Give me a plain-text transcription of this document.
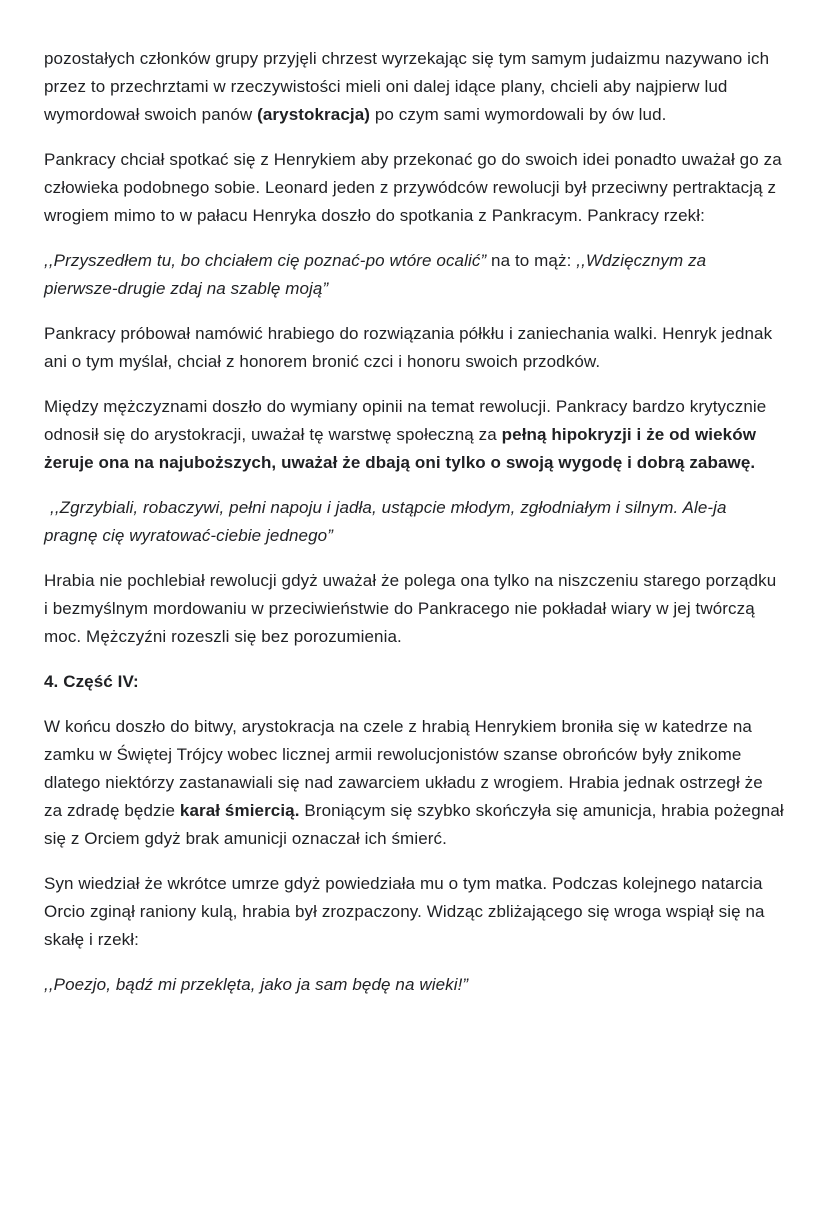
pozostałych członków grupy przyjęli chrzest wyrzekając się tym samym judaizmu nazywano ich przez to przechrztami w rzeczywistości mieli oni dalej idące plany, chcieli aby najpierw lud wymordował swoich panów (arystokracja) po czym sami wymordowali by ów lud.

Pankracy chciał spotkać się z Henrykiem aby przekonać go do swoich idei ponadto uważał go za człowieka podobnego sobie. Leonard jeden z przywódców rewolucji był przeciwny pertraktacją z wrogiem mimo to w pałacu Henryka doszło do spotkania z Pankracym. Pankracy rzekł:

,,Przyszedłem tu, bo chciałem cię poznać-po wtóre ocalić” na to mąż: ,,Wdzięcznym za pierwsze-drugie zdaj na szablę moją”

Pankracy próbował namówić hrabiego do rozwiązania półkłu i zaniechania walki. Henryk jednak ani o tym myślał, chciał z honorem bronić czci i honoru swoich przodków.

Między mężczyznami doszło do wymiany opinii na temat rewolucji. Pankracy bardzo krytycznie odnosił się do arystokracji, uważał tę warstwę społeczną za pełną hipokryzji i że od wieków żeruje ona na najuboższych, uważał że dbają oni tylko o swoją wygodę i dobrą zabawę.

,,Zgrzybiali, robaczywi, pełni napoju i jadła, ustąpcie młodym, zgłodniałym i silnym. Ale-ja pragnę cię wyratować-ciebie jednego”

Hrabia nie pochlebiał rewolucji gdyż uważał że polega ona tylko na niszczeniu starego porządku i bezmyślnym mordowaniu w przeciwieństwie do Pankracego nie pokładał wiary w jej twórczą moc. Mężczyźni rozeszli się bez porozumienia.

4. Część IV:

W końcu doszło do bitwy, arystokracja na czele z hrabią Henrykiem broniła się w katedrze na zamku w Świętej Trójcy wobec licznej armii rewolucjonistów szanse obrońców były znikome dlatego niektórzy zastanawiali się nad zawarciem układu z wrogiem. Hrabia jednak ostrzegł że za zdradę będzie karał śmiercią. Broniącym się szybko skończyła się amunicja, hrabia pożegnał się z Orciem gdyż brak amunicji oznaczał ich śmierć.

Syn wiedział że wkrótce umrze gdyż powiedziała mu o tym matka. Podczas kolejnego natarcia Orcio zginął raniony kulą, hrabia był zrozpaczony. Widząc zbliżającego się wroga wspiął się na skałę i rzekł:

,,Poezjo, bądź mi przeklęta, jako ja sam będę na wieki!”
